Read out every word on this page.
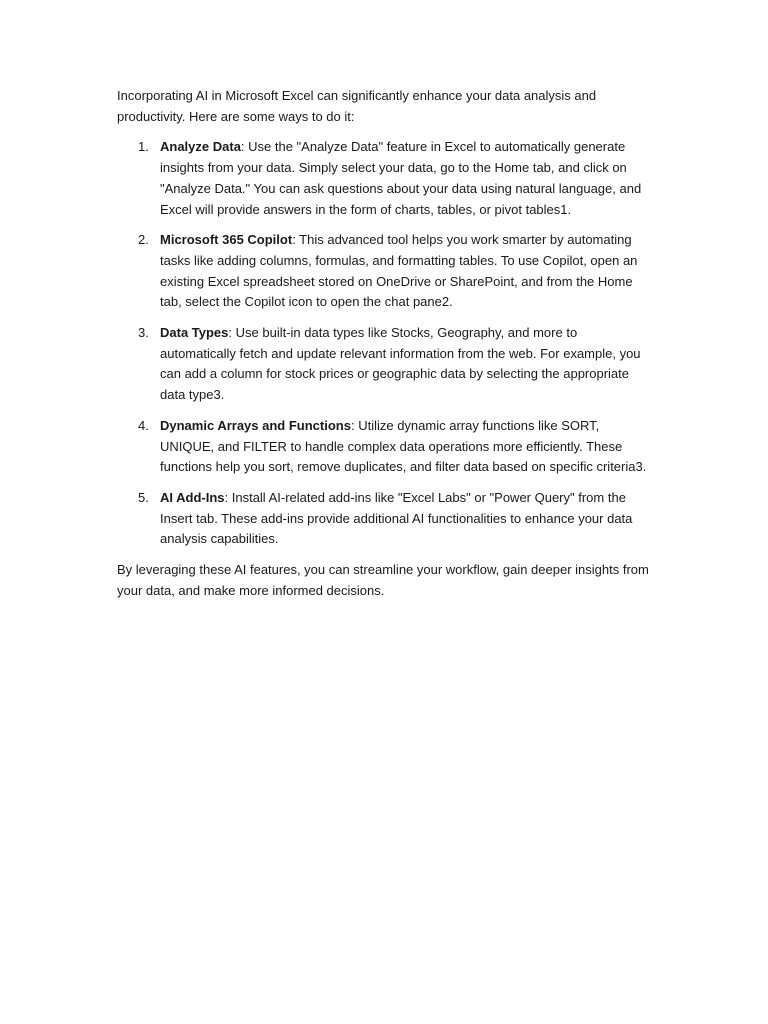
Incorporating AI in Microsoft Excel can significantly enhance your data analysis and productivity. Here are some ways to do it:

1. Analyze Data: Use the "Analyze Data" feature in Excel to automatically generate insights from your data. Simply select your data, go to the Home tab, and click on "Analyze Data." You can ask questions about your data using natural language, and Excel will provide answers in the form of charts, tables, or pivot tables1.
2. Microsoft 365 Copilot: This advanced tool helps you work smarter by automating tasks like adding columns, formulas, and formatting tables. To use Copilot, open an existing Excel spreadsheet stored on OneDrive or SharePoint, and from the Home tab, select the Copilot icon to open the chat pane2.
3. Data Types: Use built-in data types like Stocks, Geography, and more to automatically fetch and update relevant information from the web. For example, you can add a column for stock prices or geographic data by selecting the appropriate data type3.
4. Dynamic Arrays and Functions: Utilize dynamic array functions like SORT, UNIQUE, and FILTER to handle complex data operations more efficiently. These functions help you sort, remove duplicates, and filter data based on specific criteria3.
5. AI Add-Ins: Install AI-related add-ins like "Excel Labs" or "Power Query" from the Insert tab. These add-ins provide additional AI functionalities to enhance your data analysis capabilities.

By leveraging these AI features, you can streamline your workflow, gain deeper insights from your data, and make more informed decisions.
